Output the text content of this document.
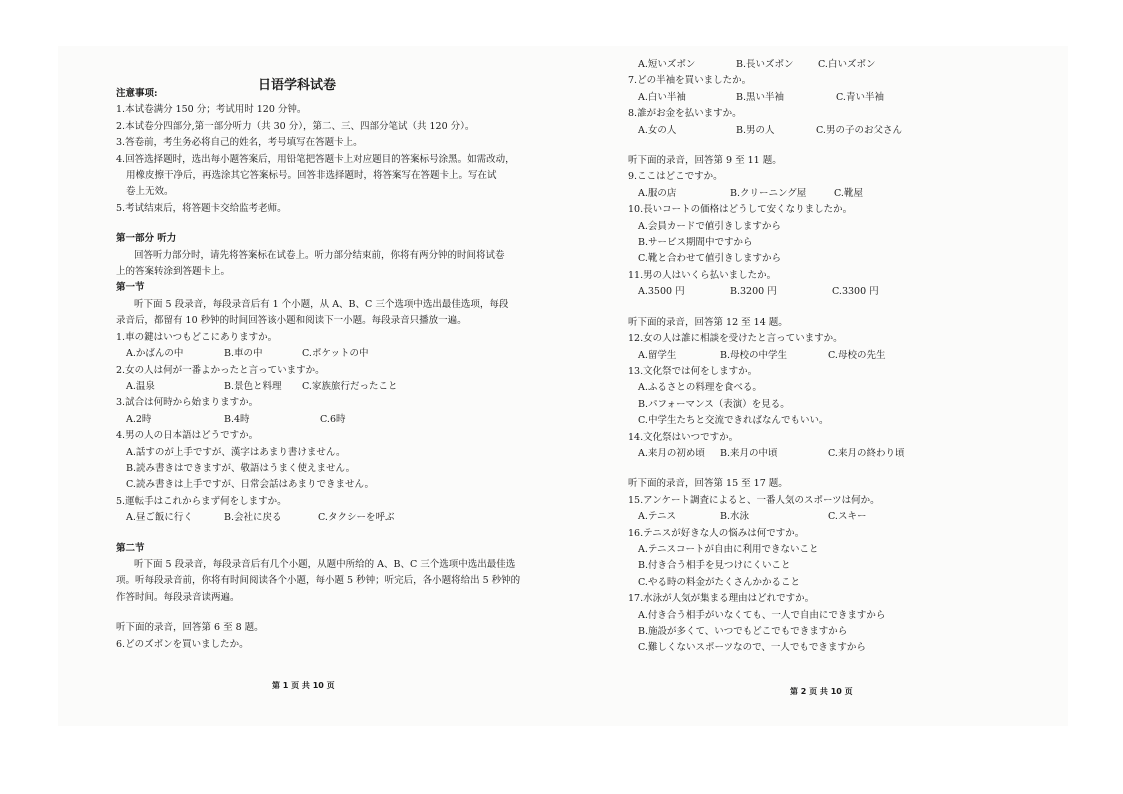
日语学科试卷
注意事项:
1.本试卷满分 150 分；考试用时 120 分钟。
2.本试卷分四部分,第一部分听力（共 30 分），第二、三、四部分笔试（共 120 分）。
3.答卷前，考生务必将自己的姓名，考号填写在答题卡上。
4.回答选择题时，选出每小题答案后，用铅笔把答题卡上对应题目的答案标号涂黑。如需改动，
用橡皮擦干净后，再选涂其它答案标号。回答非选择题时，将答案写在答题卡上。写在试
卷上无效。
5.考试结束后，将答题卡交给监考老师。
第一部分 听力
回答听力部分时，请先将答案标在试卷上。听力部分结束前，你将有两分钟的时间将试卷
上的答案转涂到答题卡上。
第一节
听下面 5 段录音，每段录音后有 1 个小题，从 A、B、C 三个选项中选出最佳选项，每段
录音后，都留有 10 秒钟的时间回答该小题和阅读下一小题。每段录音只播放一遍。
1.車の鍵はいつもどこにありますか。
A.かばんの中	B.車の中	C.ポケットの中
2.女の人は何が一番よかったと言っていますか。
A.温泉	B.景色と料理	C.家族旅行だったこと
3.試合は何時から始まりますか。
A.2時	B.4時	C.6時
4.男の人の日本語はどうですか。
A.話すのが上手ですが、漢字はあまり書けません。
B.読み書きはできますが、敬語はうまく使えません。
C.読み書きは上手ですが、日常会話はあまりできません。
5.運転手はこれからまず何をしますか。
A.昼ご飯に行く	B.会社に戻る	C.タクシーを呼ぶ
第二节
听下面 5 段录音，每段录音后有几个小题，从题中所给的 A、B、C 三个选项中选出最佳选
项。听每段录音前，你将有时间阅读各个小题，每小题 5 秒钟；听完后，各小题将给出 5 秒钟的
作答时间。每段录音读两遍。
听下面的录音，回答第 6 至 8 题。
6.どのズボンを買いましたか。
A.短いズボン	B.長いズボン	C.白いズボン
7.どの半袖を買いましたか。
A.白い半袖	B.黒い半袖	C.青い半袖
8.誰がお金を払いますか。
A.女の人	B.男の人	C.男の子のお父さん
听下面的录音，回答第 9 至 11 题。
9.ここはどこですか。
A.服の店	B.クリーニング屋	C.靴屋
10.長いコートの価格はどうして安くなりましたか。
A.会員カードで値引きしますから
B.サービス期間中ですから
C.靴と合わせて値引きしますから
11.男の人はいくら払いましたか。
A.3500 円	B.3200 円	C.3300 円
听下面的录音，回答第 12 至 14 题。
12.女の人は誰に相談を受けたと言っていますか。
A.留学生	B.母校の中学生	C.母校の先生
13.文化祭では何をしますか。
A.ふるさとの料理を食べる。
B.パフォーマンス（表演）を見る。
C.中学生たちと交流できればなんでもいい。
14.文化祭はいつですか。
A.来月の初め頃	B.来月の中頃	C.来月の終わり頃
听下面的录音，回答第 15 至 17 题。
15.アンケート調査によると、一番人気のスポーツは何か。
A.テニス	B.水泳	C.スキー
16.テニスが好きな人の悩みは何ですか。
A.テニスコートが自由に利用できないこと
B.付き合う相手を見つけにくいこと
C.やる時の料金がたくさんかかること
17.水泳が人気が集まる理由はどれですか。
A.付き合う相手がいなくても、一人で自由にできますから
B.施設が多くて、いつでもどこでもできますから
C.難しくないスポーツなので、一人でもできますから
第 1 页 共 10 页
第 2 页 共 10 页
